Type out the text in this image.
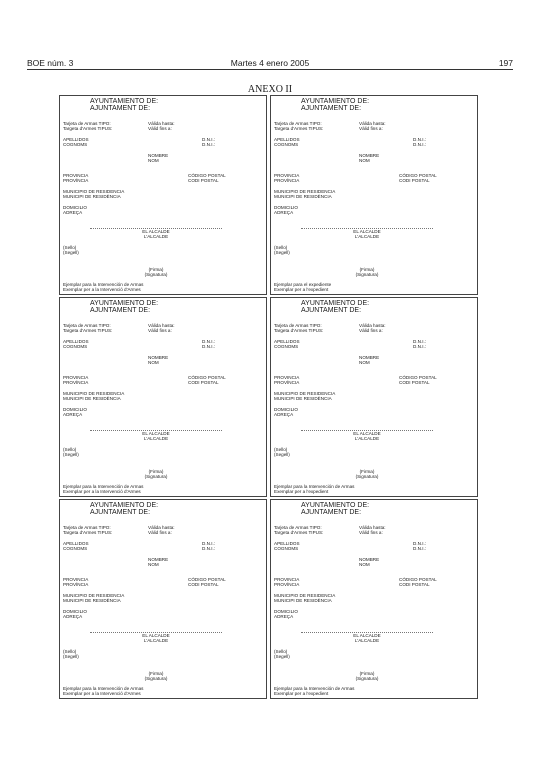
BOE núm. 3	Martes 4 enero 2005	197
ANEXO II
AYUNTAMIENTO DE:
AJUNTAMENT DE:
Tarjeta de Armas TIPO:
Targeta d'Armes TIPUS:
Válida hasta:
Vàlid fins a:
APELLIDOS
COGNOMS
D.N.I.:
D.N.I.:
NOMBRE
NOM
PROVINCIA
PROVÍNCIA
CÓDIGO POSTAL
CODI POSTAL
MUNICIPIO DE RESIDENCIA
MUNICIPI DE RESIDÈNCIA
DOMICILIO
ADREÇA
EL ALCALDE
L'ALCALDE
(Sello)
(Segell)
(Firma)
(Signatura)
Ejemplar para la Intervención de Armas
Exemplar per a la Intervenció d'Armes
AYUNTAMIENTO DE:
AJUNTAMENT DE:
Tarjeta de Armas TIPO:
Targeta d'Armes TIPUS:
Válida hasta:
Vàlid fins a:
APELLIDOS
COGNOMS
D.N.I.:
D.N.I.:
NOMBRE
NOM
PROVINCIA
PROVÍNCIA
CÓDIGO POSTAL
CODI POSTAL
MUNICIPIO DE RESIDENCIA
MUNICIPI DE RESIDÈNCIA
DOMICILIO
ADREÇA
EL ALCALDE
L'ALCALDE
(Sello)
(Segell)
(Firma)
(Signatura)
Ejemplar para el expediente
Exemplar per a l'expedient
AYUNTAMIENTO DE:
AJUNTAMENT DE:
Tarjeta de Armas TIPO:
Targeta d'Armes TIPUS:
Válida hasta:
Vàlid fins a:
APELLIDOS
COGNOMS
D.N.I.:
D.N.I.:
NOMBRE
NOM
PROVINCIA
PROVÍNCIA
CÓDIGO POSTAL
CODI POSTAL
MUNICIPIO DE RESIDENCIA
MUNICIPI DE RESIDÈNCIA
DOMICILIO
ADREÇA
EL ALCALDE
L'ALCALDE
(Sello)
(Segell)
(Firma)
(Signatura)
Ejemplar para la Intervención de Armas
Exemplar per a la Intervenció d'Armes
AYUNTAMIENTO DE:
AJUNTAMENT DE:
Tarjeta de Armas TIPO:
Targeta d'Armes TIPUS:
Válida hasta:
Vàlid fins a:
APELLIDOS
COGNOMS
D.N.I.:
D.N.I.:
NOMBRE
NOM
PROVINCIA
PROVÍNCIA
CÓDIGO POSTAL
CODI POSTAL
MUNICIPIO DE RESIDENCIA
MUNICIPI DE RESIDÈNCIA
DOMICILIO
ADREÇA
EL ALCALDE
L'ALCALDE
(Sello)
(Segell)
(Firma)
(Signatura)
Ejemplar para la Intervención de Armas
Exemplar per a l'expedient
AYUNTAMIENTO DE:
AJUNTAMENT DE:
Tarjeta de Armas TIPO:
Targeta d'Armes TIPUS:
Válida hasta:
Vàlid fins a:
APELLIDOS
COGNOMS
D.N.I.:
D.N.I.:
NOMBRE
NOM
PROVINCIA
PROVÍNCIA
CÓDIGO POSTAL
CODI POSTAL
MUNICIPIO DE RESIDENCIA
MUNICIPI DE RESIDÈNCIA
DOMICILIO
ADREÇA
EL ALCALDE
L'ALCALDE
(Sello)
(Segell)
(Firma)
(Signatura)
Ejemplar para la Intervención de Armas
Exemplar per a la Intervenció d'Armes
AYUNTAMIENTO DE:
AJUNTAMENT DE:
Tarjeta de Armas TIPO:
Targeta d'Armes TIPUS:
Válida hasta:
Vàlid fins a:
APELLIDOS
COGNOMS
D.N.I.:
D.N.I.:
NOMBRE
NOM
PROVINCIA
PROVÍNCIA
CÓDIGO POSTAL
CODI POSTAL
MUNICIPIO DE RESIDENCIA
MUNICIPI DE RESIDÈNCIA
DOMICILIO
ADREÇA
EL ALCALDE
L'ALCALDE
(Sello)
(Segell)
(Firma)
(Signatura)
Ejemplar para la Intervención de Armas
Exemplar per a l'expedient
